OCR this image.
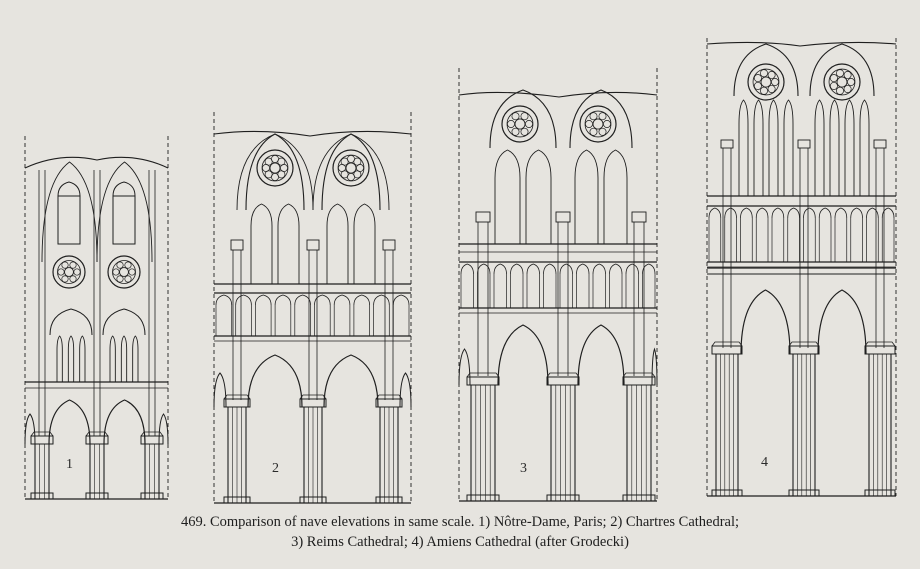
1	2	3	4
469. Comparison of nave elevations in same scale. 1) Nôtre-Dame, Paris; 2) Chartres Cathedral;
3) Reims Cathedral; 4) Amiens Cathedral (after Grodecki)
